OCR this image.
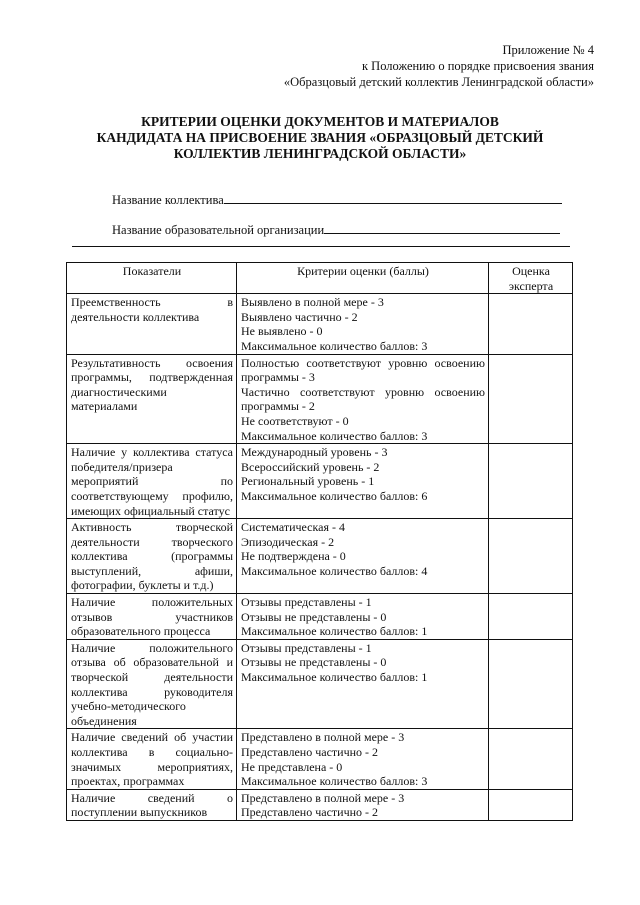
Приложение № 4
к Положению о порядке присвоения звания
«Образцовый детский коллектив Ленинградской области»
КРИТЕРИИ ОЦЕНКИ ДОКУМЕНТОВ И МАТЕРИАЛОВ
КАНДИДАТА НА ПРИСВОЕНИЕ ЗВАНИЯ «ОБРАЗЦОВЫЙ ДЕТСКИЙ
КОЛЛЕКТИВ ЛЕНИНГРАДСКОЙ ОБЛАСТИ»
Название коллектива
Название образовательной организации
Показатели	Критерии оценки (баллы)	Оценка эксперта
Преемственность в деятельности коллектива	Выявлено в полной мере - 3
Выявлено частично - 2
Не выявлено - 0
Максимальное количество баллов: 3	

Результативность освоения программы, подтвержденная диагностическими материалами	Полностью соответствуют уровню освоению программы - 3
Частично соответствуют уровню освоению программы - 2
Не соответствуют - 0
Максимальное количество баллов: 3	

Наличие у коллектива статуса победителя/призера мероприятий по соответствующему профилю, имеющих официальный статус	Международный уровень - 3
Всероссийский уровень - 2
Региональный уровень - 1
Максимальное количество баллов: 6	

Активность творческой деятельности творческого коллектива (программы выступлений, афиши, фотографии, буклеты и т.д.)	Систематическая - 4
Эпизодическая - 2
Не подтверждена - 0
Максимальное количество баллов: 4	

Наличие положительных отзывов участников образовательного процесса	Отзывы представлены - 1
Отзывы не представлены - 0
Максимальное количество баллов: 1	

Наличие положительного отзыва об образовательной и творческой деятельности коллектива руководителя учебно-методического объединения	Отзывы представлены - 1
Отзывы не представлены - 0
Максимальное количество баллов: 1	

Наличие сведений об участии коллектива в социально-значимых мероприятиях, проектах, программах	Представлено в полной мере - 3
Представлено частично - 2
Не представлена - 0
Максимальное количество баллов: 3	

Наличие сведений о поступлении выпускников	Представлено в полной мере - 3
Представлено частично - 2	
